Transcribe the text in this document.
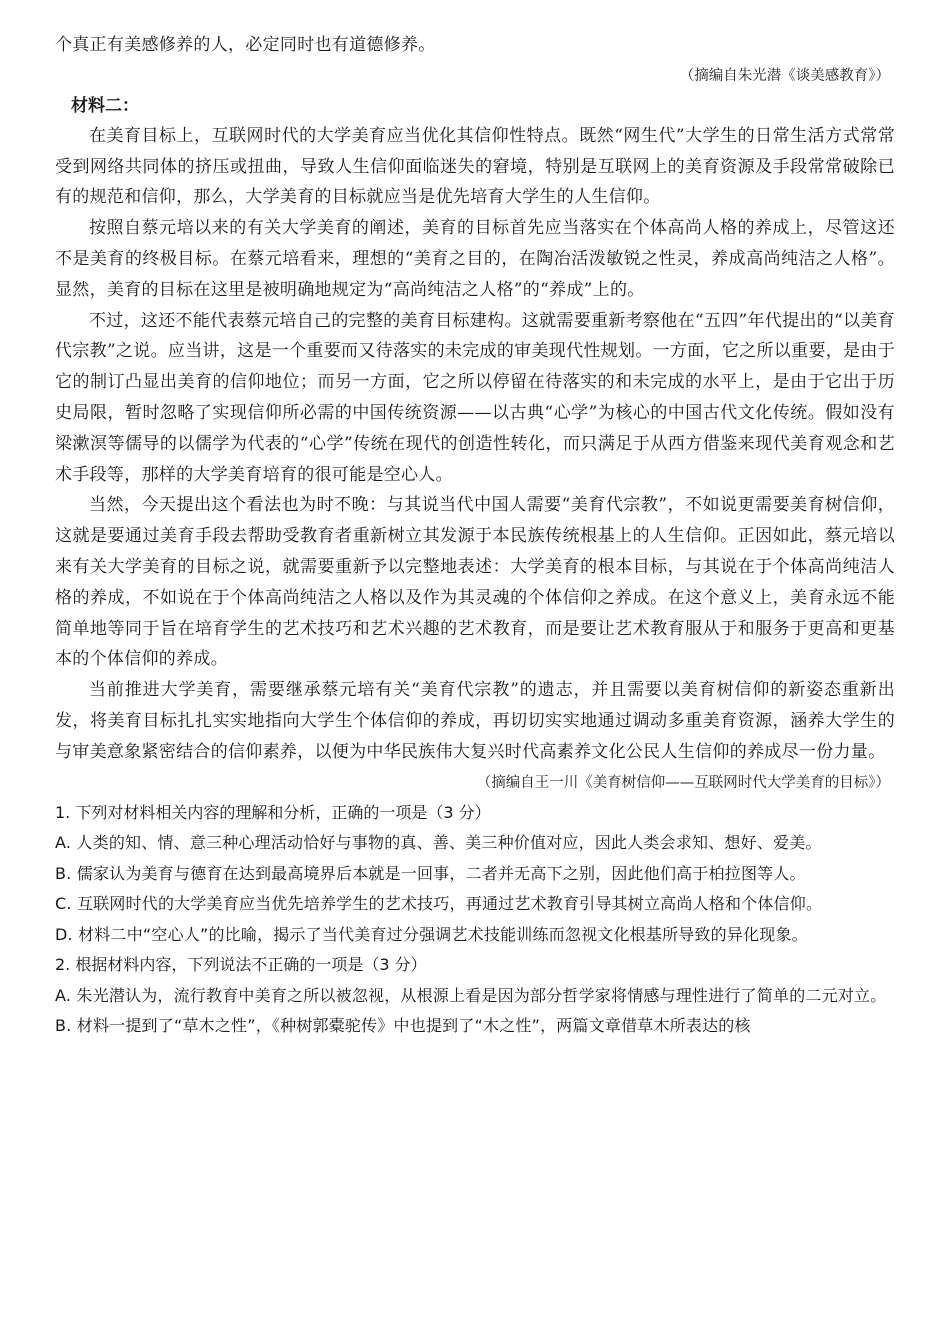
个真正有美感修养的人，必定同时也有道德修养。

（摘编自朱光潜《谈美感教育》）

材料二：

在美育目标上，互联网时代的大学美育应当优化其信仰性特点。既然“网生代”大学生的日常生活方式常常受到网络共同体的挤压或扭曲，导致人生信仰面临迷失的窘境，特别是互联网上的美育资源及手段常常破除已有的规范和信仰，那么，大学美育的目标就应当是优先培育大学生的人生信仰。

按照自蔡元培以来的有关大学美育的阐述，美育的目标首先应当落实在个体高尚人格的养成上，尽管这还不是美育的终极目标。在蔡元培看来，理想的“美育之目的，在陶冶活泼敏锐之性灵，养成高尚纯洁之人格”。显然，美育的目标在这里是被明确地规定为“高尚纯洁之人格”的“养成”上的。

不过，这还不能代表蔡元培自己的完整的美育目标建构。这就需要重新考察他在“五四”年代提出的“以美育代宗教”之说。应当讲，这是一个重要而又待落实的未完成的审美现代性规划。一方面，它之所以重要，是由于它的制订凸显出美育的信仰地位；而另一方面，它之所以停留在待落实的和未完成的水平上，是由于它出于历史局限，暂时忽略了实现信仰所必需的中国传统资源——以古典“心学”为核心的中国古代文化传统。假如没有梁漱溟等儒导的以儒学为代表的“心学”传统在现代的创造性转化，而只满足于从西方借鉴来现代美育观念和艺术手段等，那样的大学美育培育的很可能是空心人。

当然，今天提出这个看法也为时不晚：与其说当代中国人需要“美育代宗教”，不如说更需要美育树信仰，这就是要通过美育手段去帮助受教育者重新树立其发源于本民族传统根基上的人生信仰。正因如此，蔡元培以来有关大学美育的目标之说，就需要重新予以完整地表述：大学美育的根本目标，与其说在于个体高尚纯洁人格的养成，不如说在于个体高尚纯洁之人格以及作为其灵魂的个体信仰之养成。在这个意义上，美育永远不能简单地等同于旨在培育学生的艺术技巧和艺术兴趣的艺术教育，而是要让艺术教育服从于和服务于更高和更基本的个体信仰的养成。

当前推进大学美育，需要继承蔡元培有关“美育代宗教”的遗志，并且需要以美育树信仰的新姿态重新出发，将美育目标扎扎实实地指向大学生个体信仰的养成，再切切实实地通过调动多重美育资源，涵养大学生的与审美意象紧密结合的信仰素养，以便为中华民族伟大复兴时代高素养文化公民人生信仰的养成尽一份力量。

（摘编自王一川《美育树信仰——互联网时代大学美育的目标》）

1. 下列对材料相关内容的理解和分析，正确的一项是（3 分）

A. 人类的知、情、意三种心理活动恰好与事物的真、善、美三种价值对应，因此人类会求知、想好、爱美。

B. 儒家认为美育与德育在达到最高境界后本就是一回事，二者并无高下之别，因此他们高于柏拉图等人。

C. 互联网时代的大学美育应当优先培养学生的艺术技巧，再通过艺术教育引导其树立高尚人格和个体信仰。

D. 材料二中“空心人”的比喻，揭示了当代美育过分强调艺术技能训练而忽视文化根基所导致的异化现象。

2. 根据材料内容，下列说法不正确的一项是（3 分）

A. 朱光潜认为，流行教育中美育之所以被忽视，从根源上看是因为部分哲学家将情感与理性进行了简单的二元对立。

B. 材料一提到了“草木之性”，《种树郭橐驼传》中也提到了“木之性”，两篇文章借草木所表达的核
